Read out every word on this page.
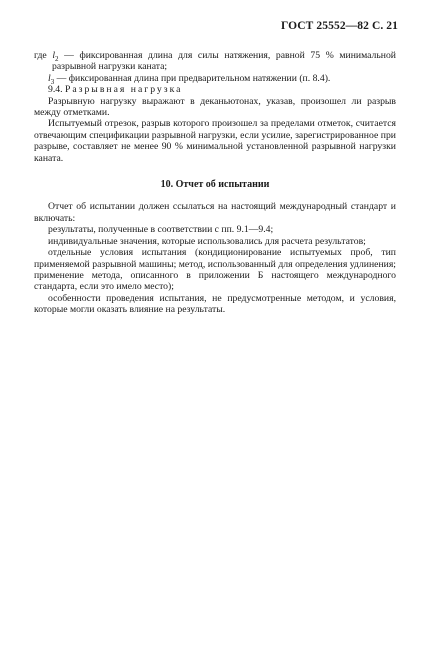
ГОСТ 25552—82 С. 21

где $l_2$ — фиксированная длина для силы натяжения, равной 75 % минимальной разрывной нагрузки каната;

$l_3$ — фиксированная длина при предварительном натяжении (п. 8.4).

9.4. Разрывная нагрузка

Разрывную нагрузку выражают в деканьютонах, указав, произошел ли разрыв между отметками.

Испытуемый отрезок, разрыв которого произошел за пределами отметок, считается отвечающим спецификации разрывной нагрузки, если усилие, зарегистрированное при разрыве, составляет не менее 90 % минимальной установленной разрывной нагрузки каната.

10. Отчет об испытании

Отчет об испытании должен ссылаться на настоящий международный стандарт и включать:

результаты, полученные в соответствии с пп. 9.1—9.4;

индивидуальные значения, которые использовались для расчета результатов;

отдельные условия испытания (кондиционирование испытуемых проб, тип применяемой разрывной машины; метод, использованный для определения удлинения; применение метода, описанного в приложении Б настоящего международного стандарта, если это имело место);

особенности проведения испытания, не предусмотренные методом, и условия, которые могли оказать влияние на результаты.
